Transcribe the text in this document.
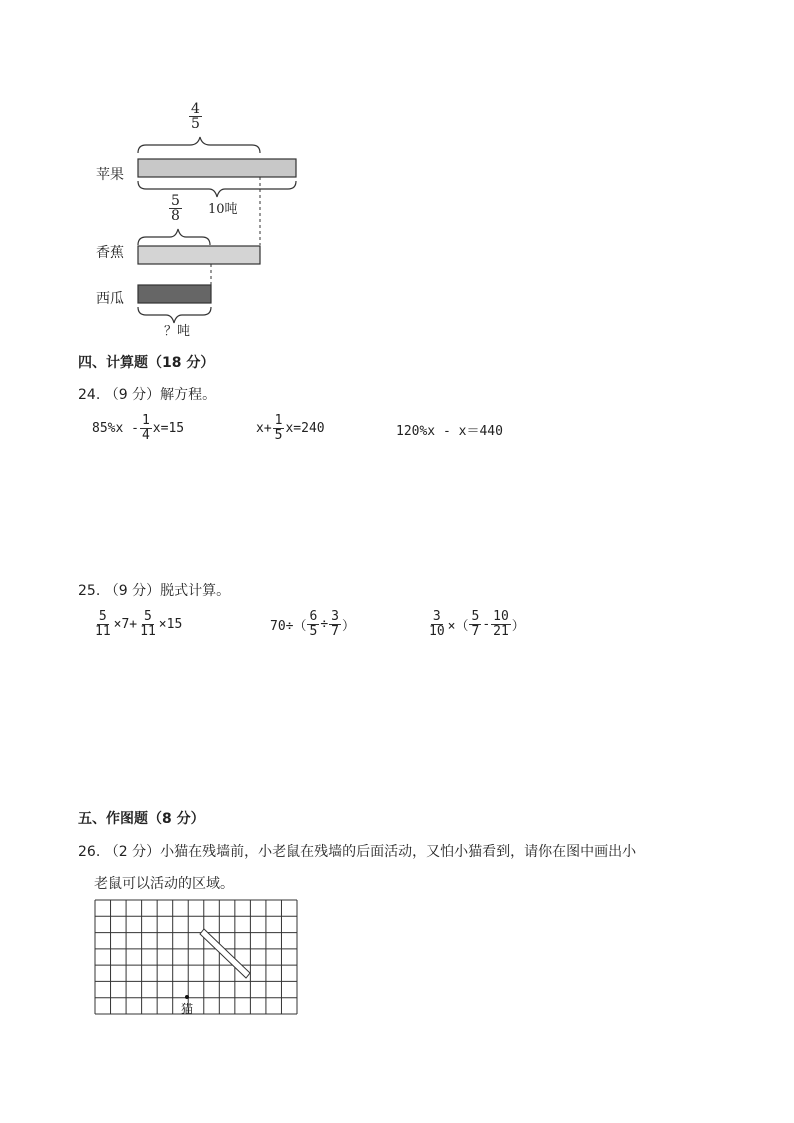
苹果
香蕉
西瓜
$\frac{4}{5}$
10吨
$\frac{5}{8}$
？吨
四、计算题（18 分）
24. （9 分）解方程。
$85\%x - \frac{1}{4} x=15$	$x+ \frac{1}{5} x=240$	120%x - x＝440
25. （9 分）脱式计算。
$\frac{5}{11} \times 7+ \frac{5}{11} \times 15$	$70\div( \frac{6}{5} \div \frac{3}{7}$ ）	$\frac{3}{10}$ ×（ $\frac{5}{7} - \frac{10}{21}$ ）
五、作图题（8 分）
26. （2 分）小猫在残墙前，小老鼠在残墙的后面活动，又怕小猫看到，请你在图中画出小
老鼠可以活动的区域。
猫
